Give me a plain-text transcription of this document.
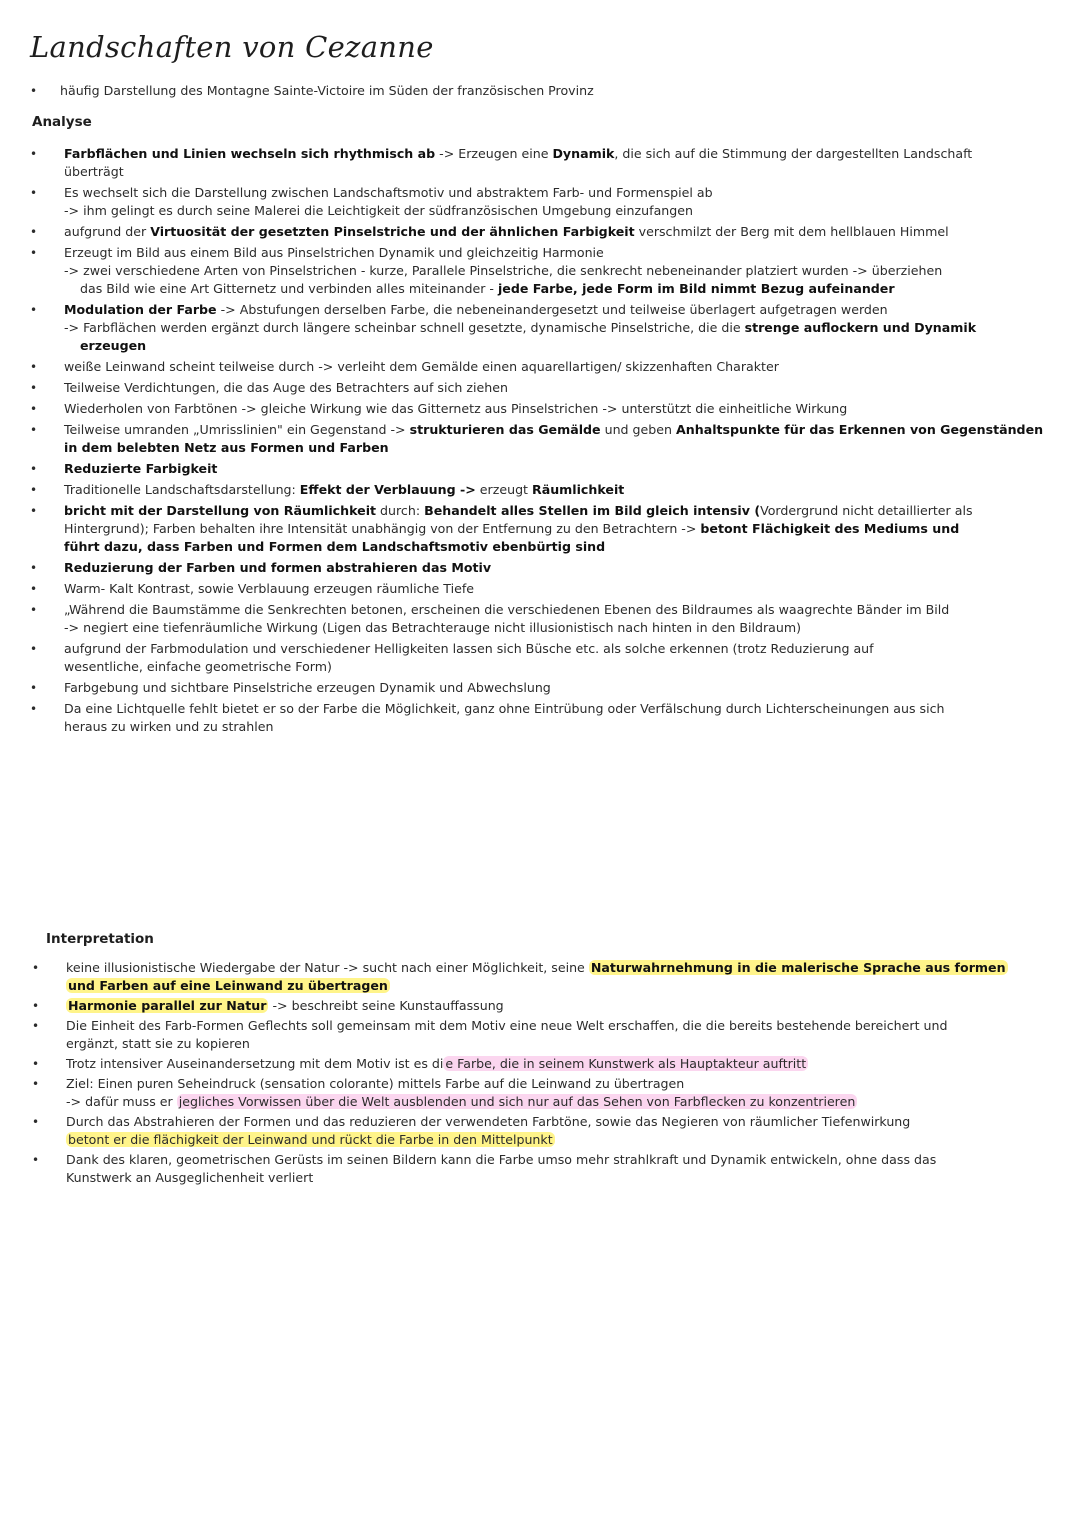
Landschaften von Cezanne
• häufig Darstellung des Montagne Sainte-Victoire im Süden der französischen Provinz
Analyse
• Farbflächen und Linien wechseln sich rhythmisch ab -> Erzeugen eine Dynamik, die sich auf die Stimmung der dargestellten Landschaft
überträgt
• Es wechselt sich die Darstellung zwischen Landschaftsmotiv und abstraktem Farb- und Formenspiel ab
-> ihm gelingt es durch seine Malerei die Leichtigkeit der südfranzösischen Umgebung einzufangen
• aufgrund der Virtuosität der gesetzten Pinselstriche und der ähnlichen Farbigkeit verschmilzt der Berg mit dem hellblauen Himmel
• Erzeugt im Bild aus einem Bild aus Pinselstrichen Dynamik und gleichzeitig Harmonie
-> zwei verschiedene Arten von Pinselstrichen - kurze, Parallele Pinselstriche, die senkrecht nebeneinander platziert wurden -> überziehen
das Bild wie eine Art Gitternetz und verbinden alles miteinander - jede Farbe, jede Form im Bild nimmt Bezug aufeinander
• Modulation der Farbe -> Abstufungen derselben Farbe, die nebeneinandergesetzt und teilweise überlagert aufgetragen werden
-> Farbflächen werden ergänzt durch längere scheinbar schnell gesetzte, dynamische Pinselstriche, die die strenge auflockern und Dynamik
erzeugen
• weiße Leinwand scheint teilweise durch -> verleiht dem Gemälde einen aquarellartigen/ skizzenhaften Charakter
• Teilweise Verdichtungen, die das Auge des Betrachters auf sich ziehen
• Wiederholen von Farbtönen -> gleiche Wirkung wie das Gitternetz aus Pinselstrichen -> unterstützt die einheitliche Wirkung
• Teilweise umranden „Umrisslinien" ein Gegenstand -> strukturieren das Gemälde und geben Anhaltspunkte für das Erkennen von Gegenständen
in dem belebten Netz aus Formen und Farben
• Reduzierte Farbigkeit
• Traditionelle Landschaftsdarstellung: Effekt der Verblauung -> erzeugt Räumlichkeit
• bricht mit der Darstellung von Räumlichkeit durch: Behandelt alles Stellen im Bild gleich intensiv (Vordergrund nicht detaillierter als
Hintergrund); Farben behalten ihre Intensität unabhängig von der Entfernung zu den Betrachtern -> betont Flächigkeit des Mediums und
führt dazu, dass Farben und Formen dem Landschaftsmotiv ebenbürtig sind
• Reduzierung der Farben und formen abstrahieren das Motiv
• Warm- Kalt Kontrast, sowie Verblauung erzeugen räumliche Tiefe
• „Während die Baumstämme die Senkrechten betonen, erscheinen die verschiedenen Ebenen des Bildraumes als waagrechte Bänder im Bild
-> negiert eine tiefenräumliche Wirkung (Ligen das Betrachterauge nicht illusionistisch nach hinten in den Bildraum)
• aufgrund der Farbmodulation und verschiedener Helligkeiten lassen sich Büsche etc. als solche erkennen (trotz Reduzierung auf
wesentliche, einfache geometrische Form)
• Farbgebung und sichtbare Pinselstriche erzeugen Dynamik und Abwechslung
• Da eine Lichtquelle fehlt bietet er so der Farbe die Möglichkeit, ganz ohne Eintrübung oder Verfälschung durch Lichterscheinungen aus sich
heraus zu wirken und zu strahlen
Interpretation
• keine illusionistische Wiedergabe der Natur -> sucht nach einer Möglichkeit, seine Naturwahrnehmung in die malerische Sprache aus formen
und Farben auf eine Leinwand zu übertragen
• Harmonie parallel zur Natur -> beschreibt seine Kunstauffassung
• Die Einheit des Farb-Formen Geflechts soll gemeinsam mit dem Motiv eine neue Welt erschaffen, die die bereits bestehende bereichert und
ergänzt, statt sie zu kopieren
• Trotz intensiver Auseinandersetzung mit dem Motiv ist es di e Farbe, die in seinem Kunstwerk als Hauptakteur auftritt
• Ziel: Einen puren Seheindruck (sensation colorante) mittels Farbe auf die Leinwand zu übertragen
-> dafür muss er jegliches Vorwissen über die Welt ausblenden und sich nur auf das Sehen von Farbflecken zu konzentrieren
• Durch das Abstrahieren der Formen und das reduzieren der verwendeten Farbtöne, sowie das Negieren von räumlicher Tiefenwirkung
betont er die flächigkeit der Leinwand und rückt die Farbe in den Mittelpunkt
• Dank des klaren, geometrischen Gerüsts im seinen Bildern kann die Farbe umso mehr strahlkraft und Dynamik entwickeln, ohne dass das
Kunstwerk an Ausgeglichenheit verliert
